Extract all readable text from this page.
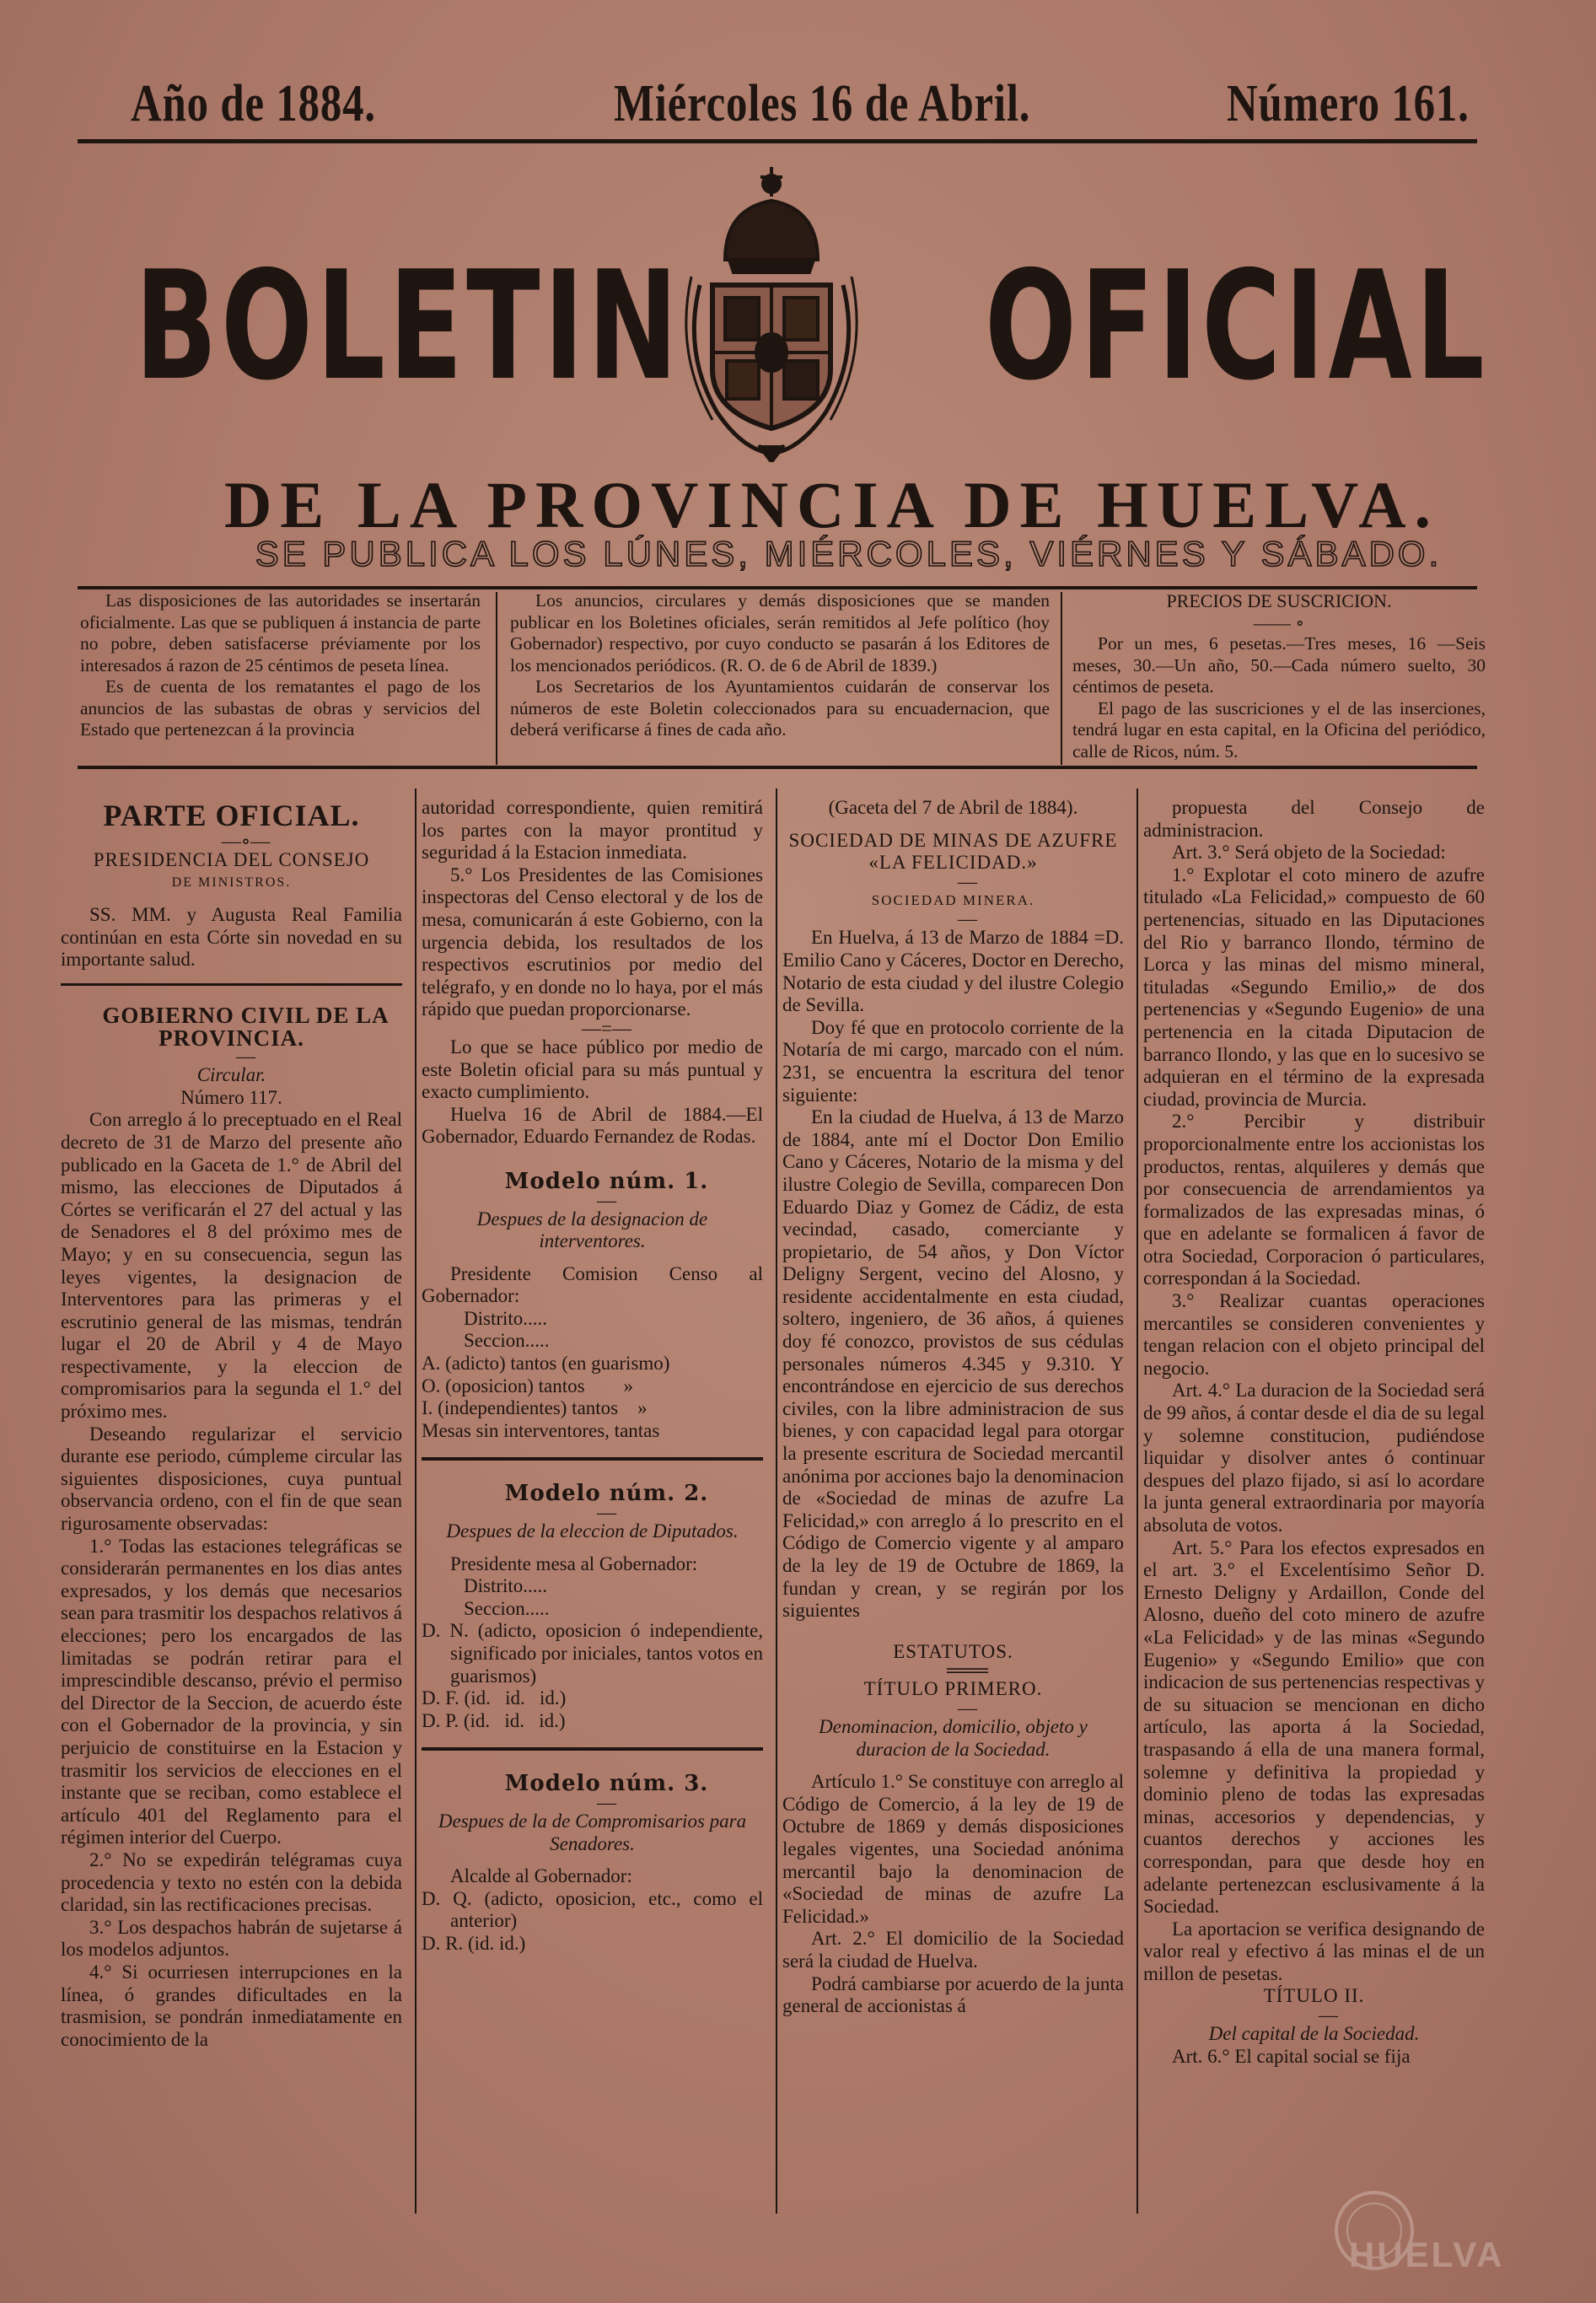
Año de 1884.	Miércoles 16 de Abril.	Número 161.
BOLETIN OFICIAL
DE LA PROVINCIA DE HUELVA.
SE PUBLICA LOS LÚNES, MIÉRCOLES, VIÉRNES Y SÁBADO.

Las disposiciones de las autoridades se insertarán oficialmente. Las que se publiquen á instancia de parte no pobre, deben satisfacerse préviamente por los interesados á razon de 25 céntimos de peseta línea.

Es de cuenta de los rematantes el pago de los anuncios de las subastas de obras y servicios del Estado que pertenezcan á la provincia

Los anuncios, circulares y demás disposiciones que se manden publicar en los Boletines oficiales, serán remitidos al Jefe político (hoy Gobernador) respectivo, por cuyo conducto se pasarán á los Editores de los mencionados periódicos. (R. O. de 6 de Abril de 1839.)

Los Secretarios de los Ayuntamientos cuidarán de conservar los números de este Boletin coleccionados para su encuadernacion, que deberá verificarse á fines de cada año.

PRECIOS DE SUSCRICION.

—— ∘

Por un mes, 6 pesetas.—Tres meses, 16 —Seis meses, 30.—Un año, 50.—Cada número suelto, 30 céntimos de peseta.

El pago de las suscriciones y el de las inserciones, tendrá lugar en esta capital, en la Oficina del periódico, calle de Ricos, núm. 5.

PARTE OFICIAL.

—∘—

PRESIDENCIA DEL CONSEJO

DE MINISTROS.

SS. MM. y Augusta Real Familia continúan en esta Córte sin novedad en su importante salud.

GOBIERNO CIVIL DE LA PROVINCIA.

—

Circular.

Número 117.

Con arreglo á lo preceptuado en el Real decreto de 31 de Marzo del presente año publicado en la Gaceta de 1.° de Abril del mismo, las elecciones de Diputados á Córtes se verificarán el 27 del actual y las de Senadores el 8 del próximo mes de Mayo; y en su consecuencia, segun las leyes vigentes, la designacion de Interventores para las primeras y el escrutinio general de las mismas, tendrán lugar el 20 de Abril y 4 de Mayo respectivamente, y la eleccion de compromisarios para la segunda el 1.° del próximo mes.

Deseando regularizar el servicio durante ese periodo, cúmpleme circular las siguientes disposiciones, cuya puntual observancia ordeno, con el fin de que sean rigurosamente observadas:

1.° Todas las estaciones telegráficas se considerarán permanentes en los dias antes expresados, y los demás que necesarios sean para trasmitir los despachos relativos á elecciones; pero los encargados de las limitadas se podrán retirar para el imprescindible descanso, prévio el permiso del Director de la Seccion, de acuerdo éste con el Gobernador de la provincia, y sin perjuicio de constituirse en la Estacion y trasmitir los servicios de elecciones en el instante que se reciban, como establece el artículo 401 del Reglamento para el régimen interior del Cuerpo.

2.° No se expedirán telégramas cuya procedencia y texto no estén con la debida claridad, sin las rectificaciones precisas.

3.° Los despachos habrán de sujetarse á los modelos adjuntos.

4.° Si ocurriesen interrupciones en la línea, ó grandes dificultades en la trasmision, se pondrán inmediatamente en conocimiento de la

autoridad correspondiente, quien remitirá los partes con la mayor prontitud y seguridad á la Estacion inmediata.

5.° Los Presidentes de las Comisiones inspectoras del Censo electoral y de los de mesa, comunicarán á este Gobierno, con la urgencia debida, los resultados de los respectivos escrutinios por medio del telégrafo, y en donde no lo haya, por el más rápido que puedan proporcionarse.

—=—

Lo que se hace público por medio de este Boletin oficial para su más puntual y exacto cumplimiento.

Huelva 16 de Abril de 1884.—El Gobernador, Eduardo Fernandez de Rodas.

Modelo núm. 1.

—

Despues de la designacion de interventores.

Presidente Comision Censo al Gobernador:

Distrito.....

Seccion.....

A. (adicto) tantos (en guarismo)

O. (oposicion) tantos        »

I. (independientes) tantos    »

Mesas sin interventores, tantas

Modelo núm. 2.

—

Despues de la eleccion de Diputados.

Presidente mesa al Gobernador:

Distrito.....

Seccion.....

D. N. (adicto, oposicion ó independiente, significado por iniciales, tantos votos en guarismos)

D. F. (id.   id.   id.)

D. P. (id.   id.   id.)

Modelo núm. 3.

—

Despues de la de Compromisarios para Senadores.

Alcalde al Gobernador:

D. Q. (adicto, oposicion, etc., como el anterior)

D. R. (id. id.)

(Gaceta del 7 de Abril de 1884).

SOCIEDAD DE MINAS DE AZUFRE

«LA FELICIDAD.»

—

SOCIEDAD MINERA.

—

En Huelva, á 13 de Marzo de 1884 =D. Emilio Cano y Cáceres, Doctor en Derecho, Notario de esta ciudad y del ilustre Colegio de Sevilla.

Doy fé que en protocolo corriente de la Notaría de mi cargo, marcado con el núm. 231, se encuentra la escritura del tenor siguiente:

En la ciudad de Huelva, á 13 de Marzo de 1884, ante mí el Doctor Don Emilio Cano y Cáceres, Notario de la misma y del ilustre Colegio de Sevilla, comparecen Don Eduardo Diaz y Gomez de Cádiz, de esta vecindad, casado, comerciante y propietario, de 54 años, y Don Víctor Deligny Sergent, vecino del Alosno, y residente accidentalmente en esta ciudad, soltero, ingeniero, de 36 años, á quienes doy fé conozco, provistos de sus cédulas personales números 4.345 y 9.310. Y encontrándose en ejercicio de sus derechos civiles, con la libre administracion de sus bienes, y con capacidad legal para otorgar la presente escritura de Sociedad mercantil anónima por acciones bajo la denominacion de «Sociedad de minas de azufre La Felicidad,» con arreglo á lo prescrito en el Código de Comercio vigente y al amparo de la ley de 19 de Octubre de 1869, la fundan y crean, y se regirán por los siguientes

ESTATUTOS.

═══

TÍTULO PRIMERO.

—

Denominacion, domicilio, objeto y duracion de la Sociedad.

Artículo 1.° Se constituye con arreglo al Código de Comercio, á la ley de 19 de Octubre de 1869 y demás disposiciones legales vigentes, una Sociedad anónima mercantil bajo la denominacion de «Sociedad de minas de azufre La Felicidad.»

Art. 2.° El domicilio de la Sociedad será la ciudad de Huelva.

Podrá cambiarse por acuerdo de la junta general de accionistas á

propuesta del Consejo de administracion.

Art. 3.° Será objeto de la Sociedad:

1.° Explotar el coto minero de azufre titulado «La Felicidad,» compuesto de 60 pertenencias, situado en las Diputaciones del Rio y barranco Ilondo, término de Lorca y las minas del mismo mineral, tituladas «Segundo Emilio,» de dos pertenencias y «Segundo Eugenio» de una pertenencia en la citada Diputacion de barranco Ilondo, y las que en lo sucesivo se adquieran en el término de la expresada ciudad, provincia de Murcia.

2.° Percibir y distribuir proporcionalmente entre los accionistas los productos, rentas, alquileres y demás que por consecuencia de arrendamientos ya formalizados de las expresadas minas, ó que en adelante se formalicen á favor de otra Sociedad, Corporacion ó particulares, correspondan á la Sociedad.

3.° Realizar cuantas operaciones mercantiles se consideren convenientes y tengan relacion con el objeto principal del negocio.

Art. 4.° La duracion de la Sociedad será de 99 años, á contar desde el dia de su legal y solemne constitucion, pudiéndose liquidar y disolver antes ó continuar despues del plazo fijado, si así lo acordare la junta general extraordinaria por mayoría absoluta de votos.

Art. 5.° Para los efectos expresados en el art. 3.° el Excelentísimo Señor D. Ernesto Deligny y Ardaillon, Conde del Alosno, dueño del coto minero de azufre «La Felicidad» y de las minas «Segundo Eugenio» y «Segundo Emilio» que con indicacion de sus pertenencias respectivas y de su situacion se mencionan en dicho artículo, las aporta á la Sociedad, traspasando á ella de una manera formal, solemne y definitiva la propiedad y dominio pleno de todas las expresadas minas, accesorios y dependencias, y cuantos derechos y acciones les correspondan, para que desde hoy en adelante pertenezcan esclusivamente á la Sociedad.

La aportacion se verifica designando de valor real y efectivo á las minas el de un millon de pesetas.

TÍTULO II.

—

Del capital de la Sociedad.

Art. 6.° El capital social se fija

HUELVA
